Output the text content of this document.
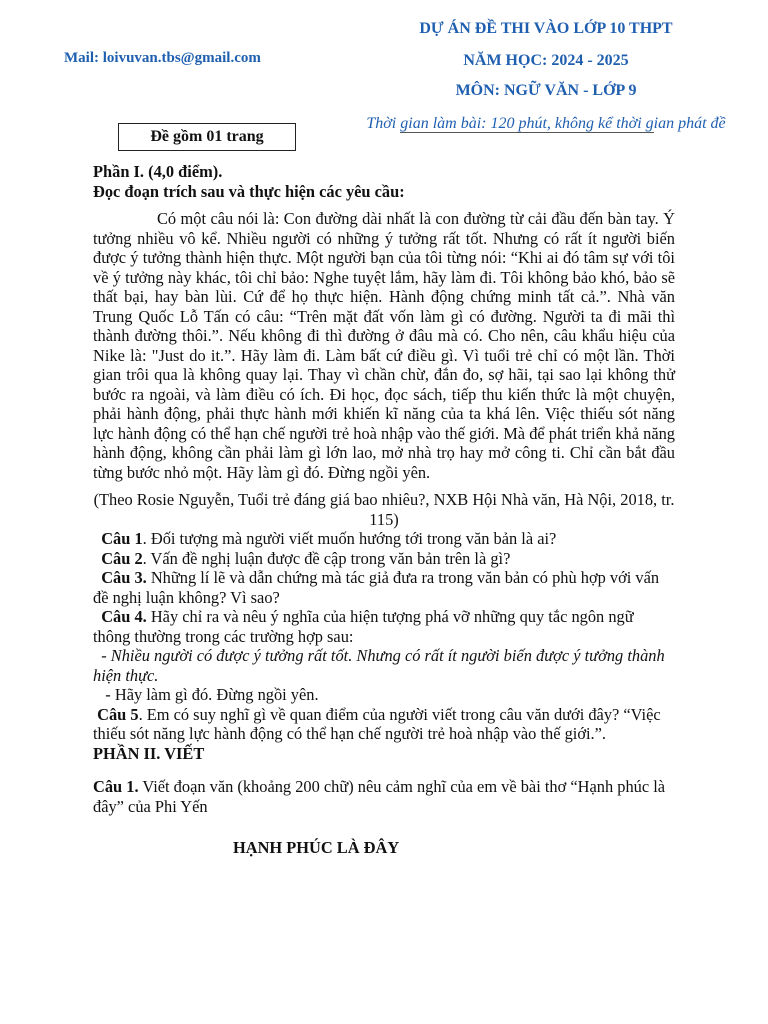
Mail: loivuvan.tbs@gmail.com
DỰ ÁN ĐỀ THI VÀO LỚP 10 THPT
NĂM HỌC: 2024 - 2025
MÔN: NGỮ VĂN - LỚP 9
Thời gian làm bài: 120 phút, không kể thời gian phát đề
Đề gồm 01 trang

Phần I. (4,0 điểm).

Đọc đoạn trích sau và thực hiện các yêu cầu:

Có một câu nói là: Con đường dài nhất là con đường từ cải đầu đến bàn tay. Ý tưởng nhiều vô kể. Nhiều người có những ý tưởng rất tốt. Nhưng có rất ít người biến được ý tưởng thành hiện thực. Một người bạn của tôi từng nói: “Khi ai đó tâm sự với tôi về ý tưởng này khác, tôi chỉ bảo: Nghe tuyệt lắm, hãy làm đi. Tôi không bảo khó, bảo sẽ thất bại, hay bàn lùi. Cứ để họ thực hiện. Hành động chứng minh tất cả.”. Nhà văn Trung Quốc Lỗ Tấn có câu: “Trên mặt đất vốn làm gì có đường. Người ta đi mãi thì thành đường thôi.”. Nếu không đi thì đường ở đâu mà có. Cho nên, câu khẩu hiệu của Nike là: "Just do it.”. Hãy làm đi. Làm bất cứ điều gì. Vì tuổi trẻ chỉ có một lần. Thời gian trôi qua là không quay lại. Thay vì chần chừ, đắn đo, sợ hãi, tại sao lại không thử bước ra ngoài, và làm điều có ích. Đi học, đọc sách, tiếp thu kiến thức là một chuyện, phải hành động, phải thực hành mới khiến kĩ năng của ta khá lên. Việc thiếu sót năng lực hành động có thể hạn chế người trẻ hoà nhập vào thế giới. Mà để phát triển khả năng hành động, không cần phải làm gì lớn lao, mở nhà trọ hay mở công ti. Chỉ cần bắt đầu từng bước nhỏ một. Hãy làm gì đó. Đừng ngồi yên.

(Theo Rosie Nguyễn, Tuổi trẻ đáng giá bao nhiêu?, NXB Hội Nhà văn, Hà Nội, 2018, tr. 115)

Câu 1. Đối tượng mà người viết muốn hướng tới trong văn bản là ai?

Câu 2. Vấn đề nghị luận được đề cập trong văn bản trên là gì?

Câu 3. Những lí lẽ và dẫn chứng mà tác giả đưa ra trong văn bản có phù hợp với vấn đề nghị luận không? Vì sao?

Câu 4. Hãy chỉ ra và nêu ý nghĩa của hiện tượng phá vỡ những quy tắc ngôn ngữ thông thường trong các trường hợp sau:

- Nhiều người có được ý tưởng rất tốt. Nhưng có rất ít người biến được ý tưởng thành hiện thực.

- Hãy làm gì đó. Đừng ngồi yên.

Câu 5. Em có suy nghĩ gì về quan điểm của người viết trong câu văn dưới đây? “Việc thiếu sót năng lực hành động có thể hạn chế người trẻ hoà nhập vào thế giới.”.

PHẦN II. VIẾT

Câu 1. Viết đoạn văn (khoảng 200 chữ) nêu cảm nghĩ của em về bài thơ “Hạnh phúc là đây” của Phi Yến

HẠNH PHÚC LÀ ĐÂY
